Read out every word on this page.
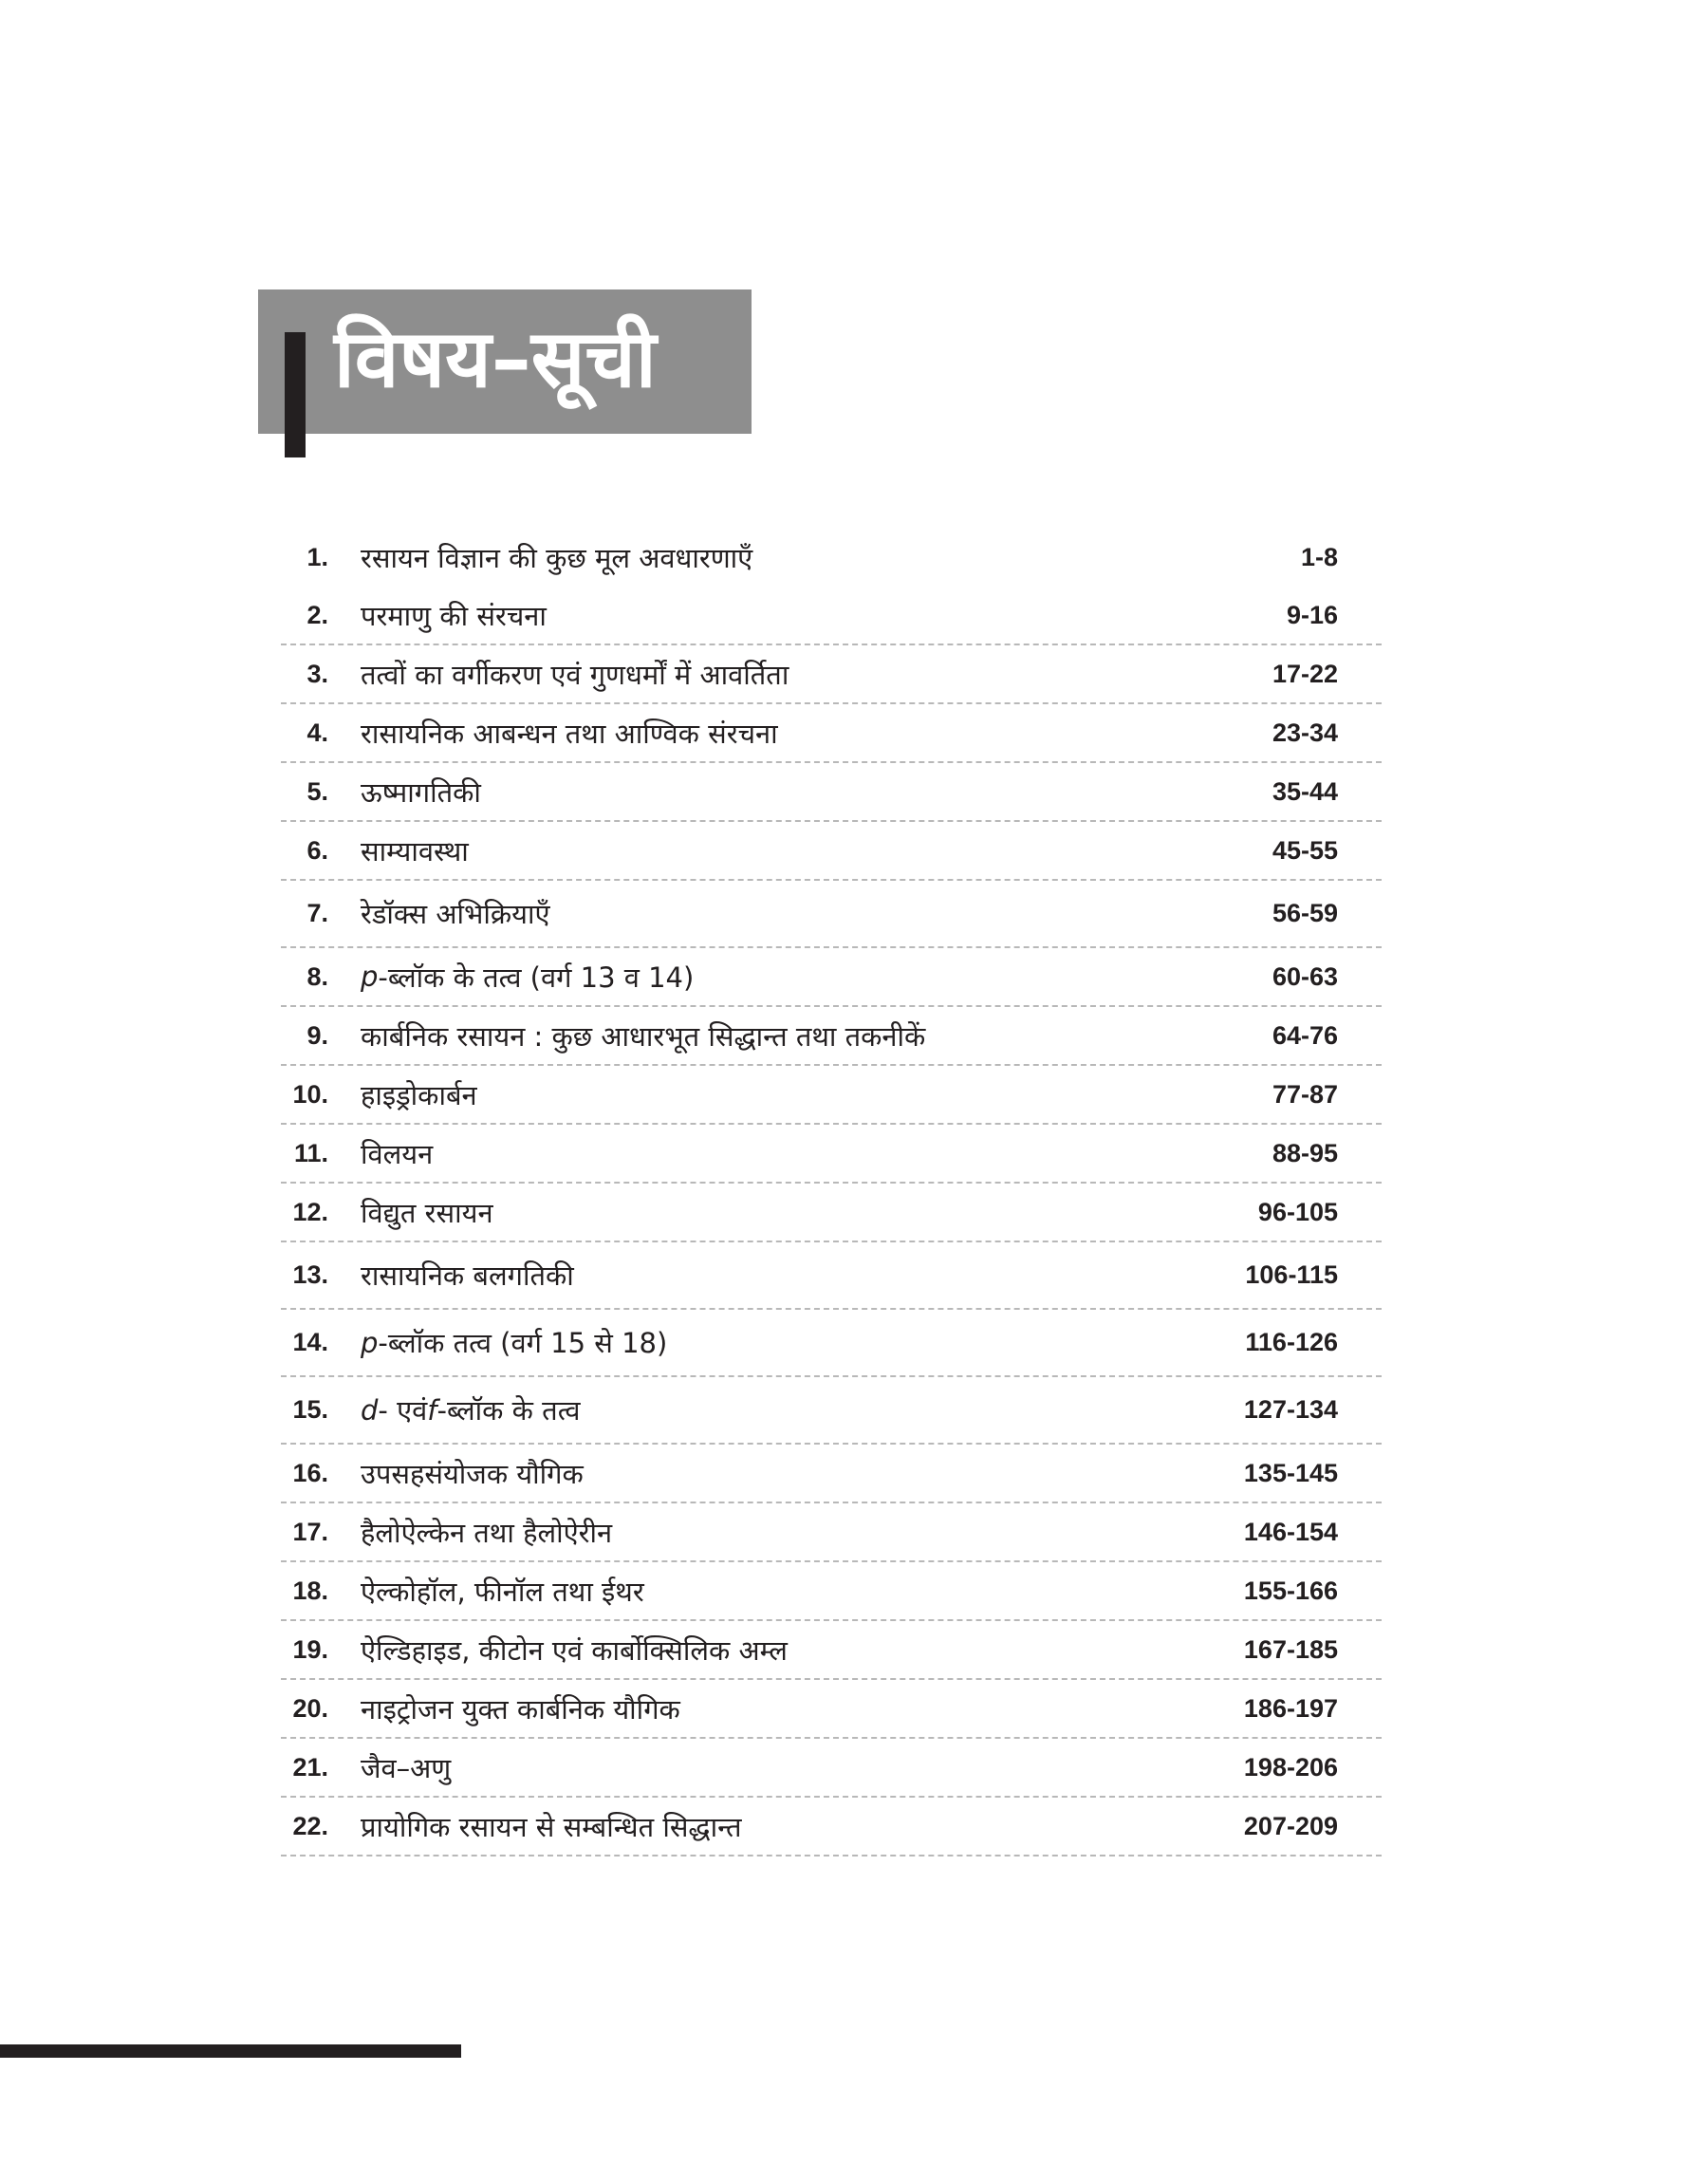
विषय–सूची
1. रसायन विज्ञान की कुछ मूल अवधारणाएँ	1-8
2. परमाणु की संरचना	9-16
3. तत्वों का वर्गीकरण एवं गुणधर्मों में आवर्तिता	17-22
4. रासायनिक आबन्धन तथा आण्विक संरचना	23-34
5. ऊष्मागतिकी	35-44
6. साम्यावस्था	45-55
7. रेडॉक्स अभिक्रियाएँ	56-59
8. p -ब्लॉक के तत्व (वर्ग 13 व 14)	60-63
9. कार्बनिक रसायन : कुछ आधारभूत सिद्धान्त तथा तकनीकें	64-76
10. हाइड्रोकार्बन	77-87
11. विलयन	88-95
12. विद्युत रसायन	96-105
13. रासायनिक बलगतिकी	106-115
14. p -ब्लॉक तत्व (वर्ग 15 से 18)	116-126
15. d - एवं f -ब्लॉक के तत्व	127-134
16. उपसहसंयोजक यौगिक	135-145
17. हैलोऐल्केन तथा हैलोऐरीन	146-154
18. ऐल्कोहॉल, फीनॉल तथा ईथर	155-166
19. ऐल्डिहाइड, कीटोन एवं कार्बोक्सिलिक अम्ल	167-185
20. नाइट्रोजन युक्त कार्बनिक यौगिक	186-197
21. जैव–अणु	198-206
22. प्रायोगिक रसायन से सम्बन्धित सिद्धान्त	207-209
